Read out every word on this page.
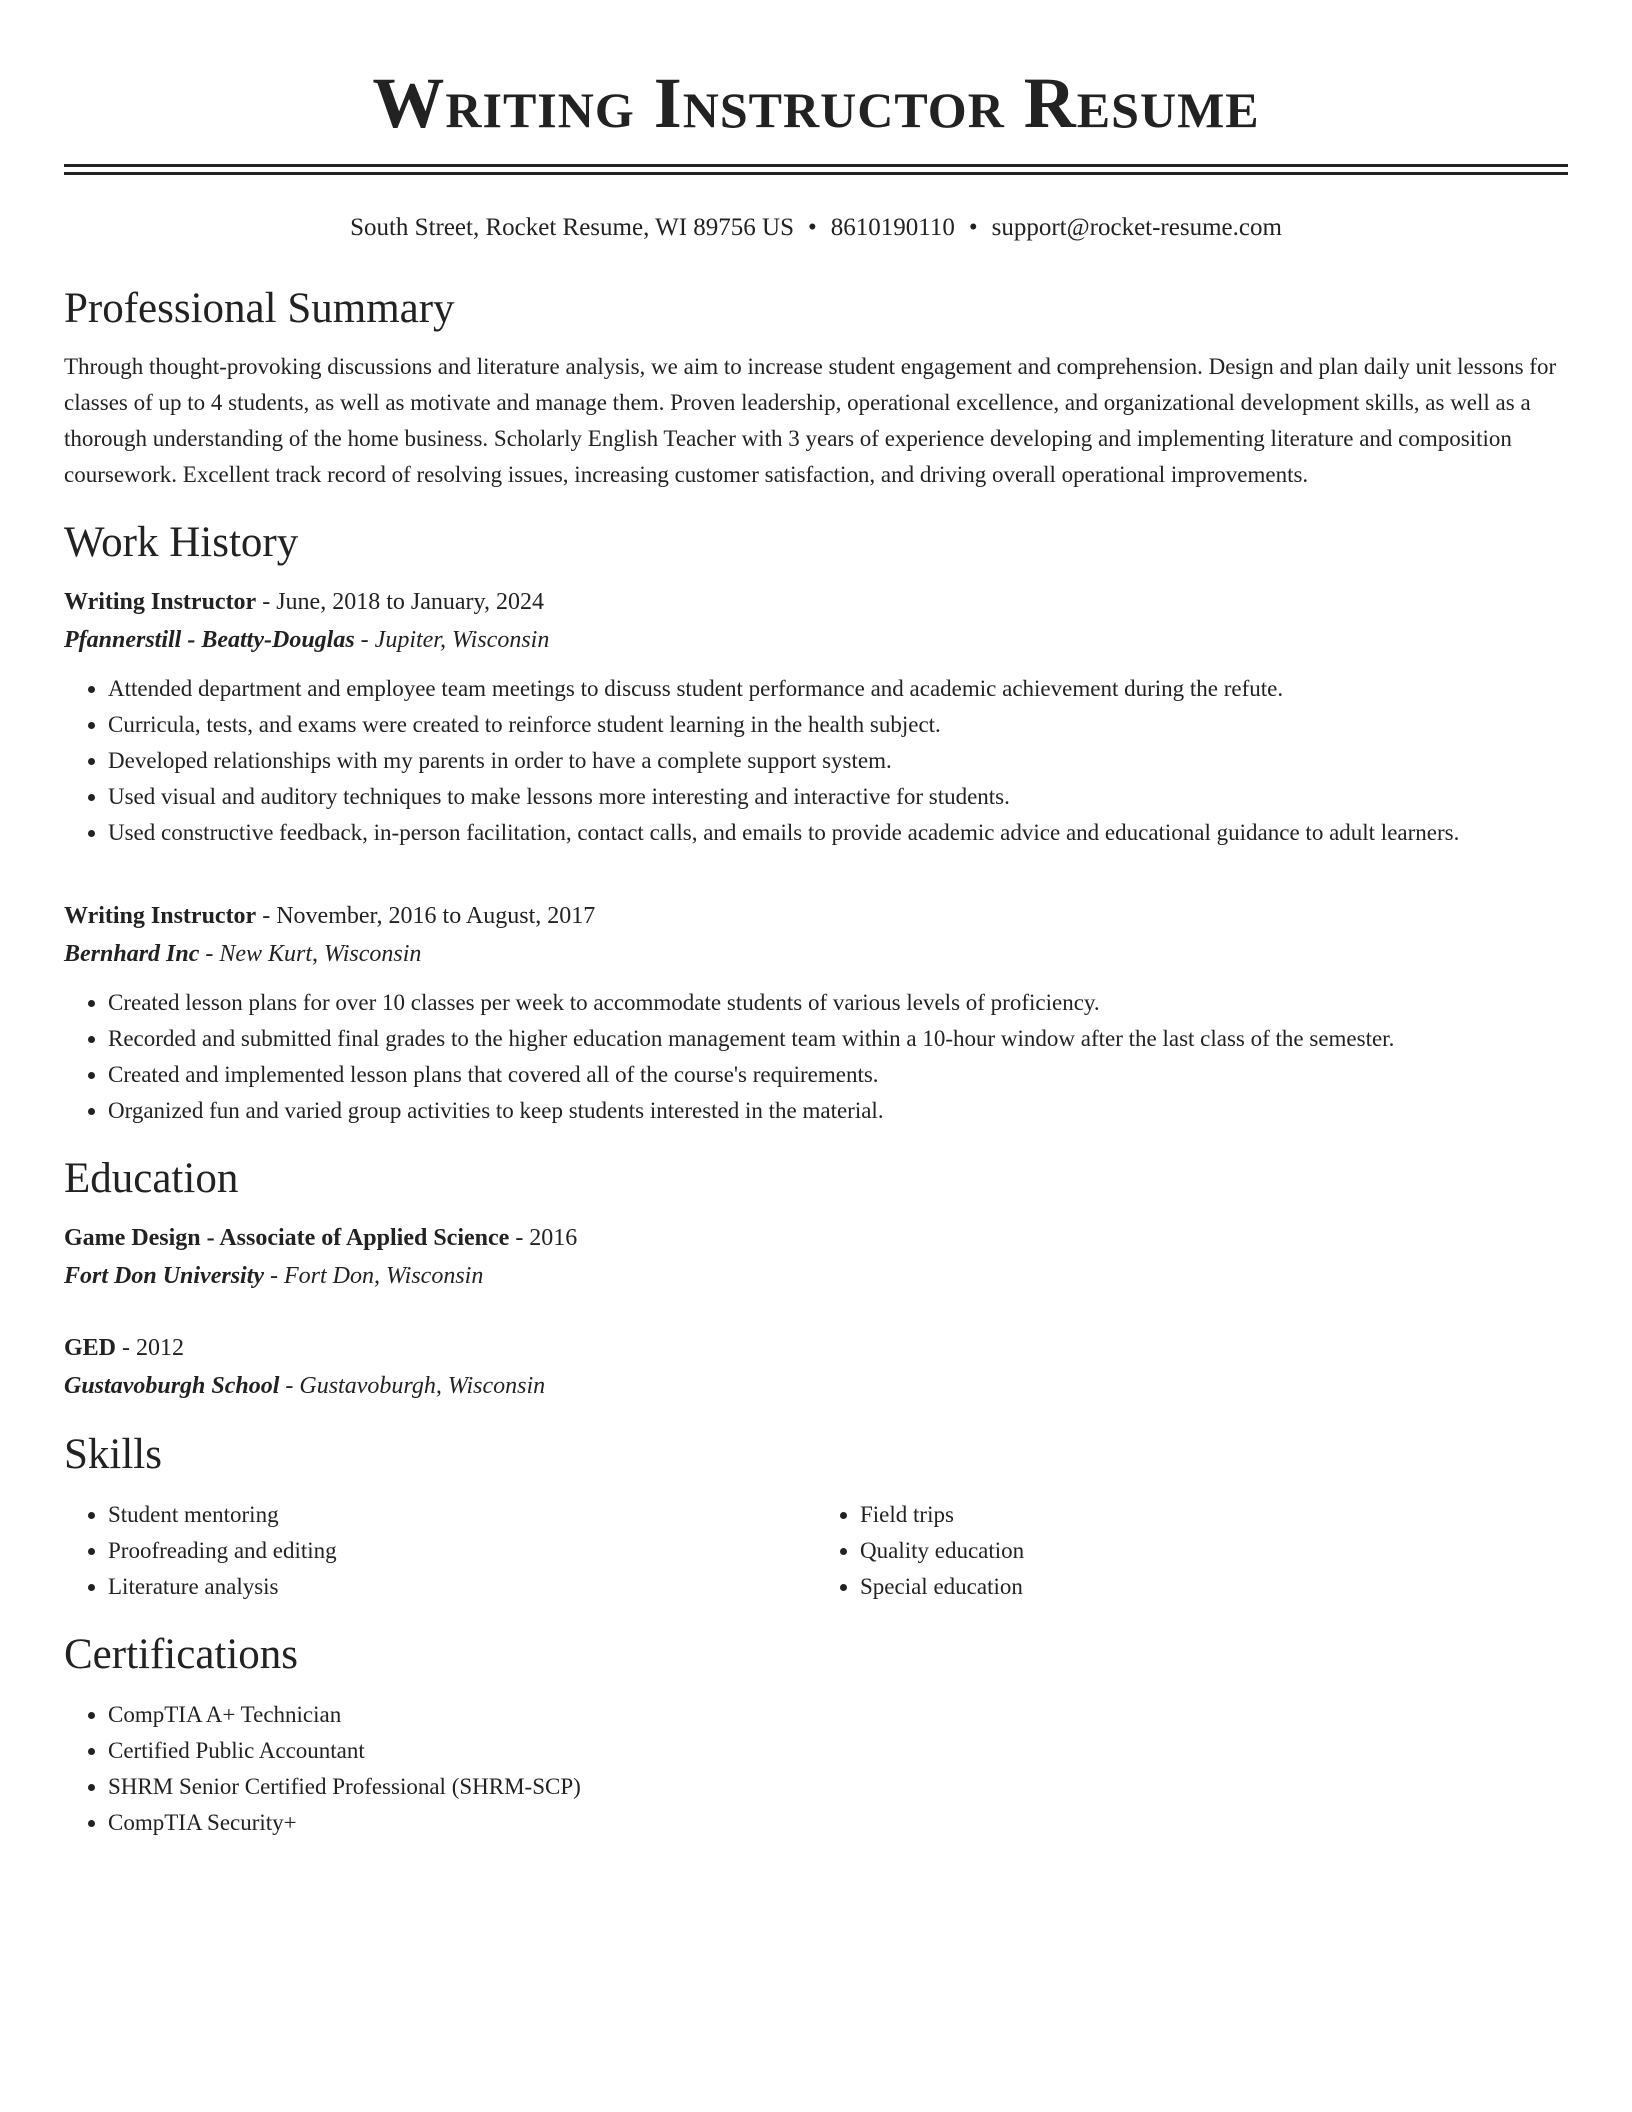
Writing Instructor Resume
South Street, Rocket Resume, WI 89756 US • 8610190110 • support@rocket-resume.com
Professional Summary

Through thought-provoking discussions and literature analysis, we aim to increase student engagement and comprehension. Design and plan daily unit lessons for classes of up to 4 students, as well as motivate and manage them. Proven leadership, operational excellence, and organizational development skills, as well as a thorough understanding of the home business. Scholarly English Teacher with 3 years of experience developing and implementing literature and composition coursework. Excellent track record of resolving issues, increasing customer satisfaction, and driving overall operational improvements.

Work History
Writing Instructor - June, 2018 to January, 2024
Pfannerstill - Beatty-Douglas - Jupiter, Wisconsin
• Attended department and employee team meetings to discuss student performance and academic achievement during the refute.
• Curricula, tests, and exams were created to reinforce student learning in the health subject.
• Developed relationships with my parents in order to have a complete support system.
• Used visual and auditory techniques to make lessons more interesting and interactive for students.
• Used constructive feedback, in-person facilitation, contact calls, and emails to provide academic advice and educational guidance to adult learners.
Writing Instructor - November, 2016 to August, 2017
Bernhard Inc - New Kurt, Wisconsin
• Created lesson plans for over 10 classes per week to accommodate students of various levels of proficiency.
• Recorded and submitted final grades to the higher education management team within a 10-hour window after the last class of the semester.
• Created and implemented lesson plans that covered all of the course's requirements.
• Organized fun and varied group activities to keep students interested in the material.
Education
Game Design - Associate of Applied Science - 2016
Fort Don University - Fort Don, Wisconsin
GED - 2012
Gustavoburgh School - Gustavoburgh, Wisconsin
Skills
• Student mentoring
• Proofreading and editing
• Literature analysis
• Field trips
• Quality education
• Special education
Certifications
• CompTIA A+ Technician
• Certified Public Accountant
• SHRM Senior Certified Professional (SHRM-SCP)
• CompTIA Security+
